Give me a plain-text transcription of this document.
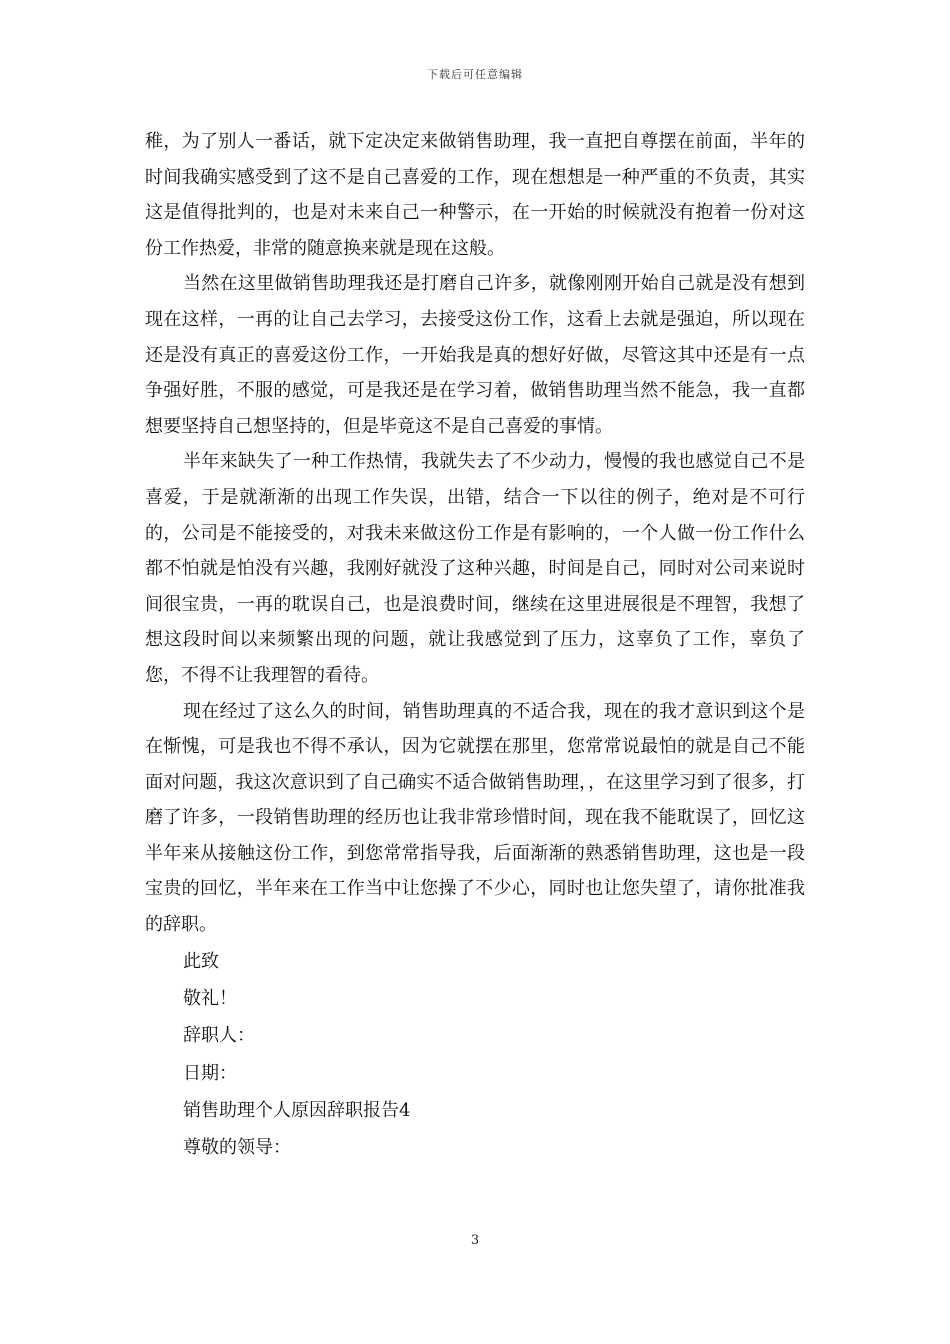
下载后可任意编辑

稚，为了别人一番话，就下定决定来做销售助理，我一直把自尊摆在前面，半年的时间我确实感受到了这不是自己喜爱的工作，现在想想是一种严重的不负责，其实这是值得批判的，也是对未来自己一种警示，在一开始的时候就没有抱着一份对这份工作热爱，非常的随意换来就是现在这般。

当然在这里做销售助理我还是打磨自己许多，就像刚刚开始自己就是没有想到现在这样，一再的让自己去学习，去接受这份工作，这看上去就是强迫，所以现在还是没有真正的喜爱这份工作，一开始我是真的想好好做，尽管这其中还是有一点争强好胜，不服的感觉，可是我还是在学习着，做销售助理当然不能急，我一直都想要坚持自己想坚持的，但是毕竟这不是自己喜爱的事情。

半年来缺失了一种工作热情，我就失去了不少动力，慢慢的我也感觉自己不是喜爱，于是就渐渐的出现工作失误，出错，结合一下以往的例子，绝对是不可行的，公司是不能接受的，对我未来做这份工作是有影响的，一个人做一份工作什么都不怕就是怕没有兴趣，我刚好就没了这种兴趣，时间是自己，同时对公司来说时间很宝贵，一再的耽误自己，也是浪费时间，继续在这里进展很是不理智，我想了想这段时间以来频繁出现的问题，就让我感觉到了压力，这辜负了工作，辜负了您，不得不让我理智的看待。

现在经过了这么久的时间，销售助理真的不适合我，现在的我才意识到这个是在惭愧，可是我也不得不承认，因为它就摆在那里，您常常说最怕的就是自己不能面对问题，我这次意识到了自己确实不适合做销售助理，，在这里学习到了很多，打磨了许多，一段销售助理的经历也让我非常珍惜时间，现在我不能耽误了，回忆这半年来从接触这份工作，到您常常指导我，后面渐渐的熟悉销售助理，这也是一段宝贵的回忆，半年来在工作当中让您操了不少心，同时也让您失望了，请你批准我的辞职。

此致

敬礼！

辞职人：

日期：

销售助理个人原因辞职报告4

尊敬的领导：

3
